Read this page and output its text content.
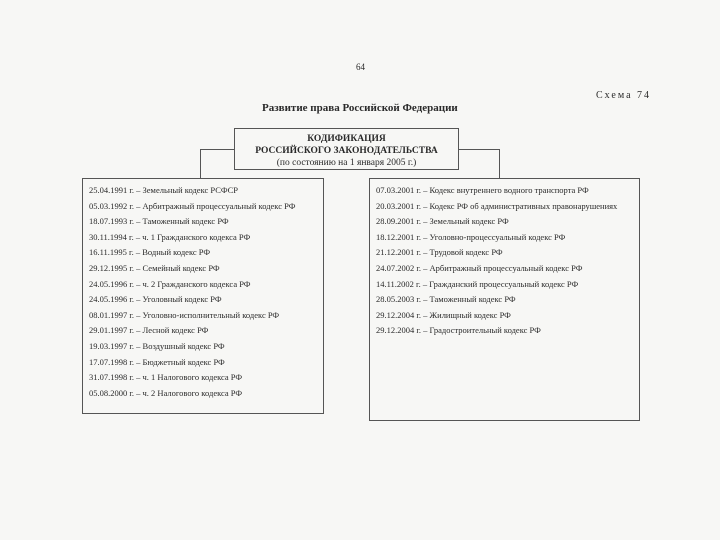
64
Схема 74
Развитие права Российской Федерации
КОДИФИКАЦИЯ
РОССИЙСКОГО ЗАКОНОДАТЕЛЬСТВА
(по состоянию на 1 января 2005 г.)
25.04.1991 г. – Земельный кодекс РСФСР
05.03.1992 г. – Арбитражный процессуальный кодекс РФ
18.07.1993 г. – Таможенный кодекс РФ
30.11.1994 г. – ч. 1 Гражданского кодекса РФ
16.11.1995 г. – Водный кодекс РФ
29.12.1995 г. – Семейный кодекс РФ
24.05.1996 г. – ч. 2 Гражданского кодекса РФ
24.05.1996 г. – Уголовный кодекс РФ
08.01.1997 г. – Уголовно-исполнительный кодекс РФ
29.01.1997 г. – Лесной кодекс РФ
19.03.1997 г. – Воздушный кодекс РФ
17.07.1998 г. – Бюджетный кодекс РФ
31.07.1998 г. – ч. 1 Налогового кодекса РФ
05.08.2000 г. – ч. 2 Налогового кодекса РФ
07.03.2001 г. – Кодекс внутреннего водного транспорта РФ
20.03.2001 г. – Кодекс РФ об административных правонарушениях
28.09.2001 г. – Земельный кодекс РФ
18.12.2001 г. – Уголовно-процессуальный кодекс РФ
21.12.2001 г. – Трудовой кодекс РФ
24.07.2002 г. – Арбитражный процессуальный кодекс РФ
14.11.2002 г. – Гражданский процессуальный кодекс РФ
28.05.2003 г. – Таможенный кодекс РФ
29.12.2004 г. – Жилищный кодекс РФ
29.12.2004 г. – Градостроительный кодекс РФ
